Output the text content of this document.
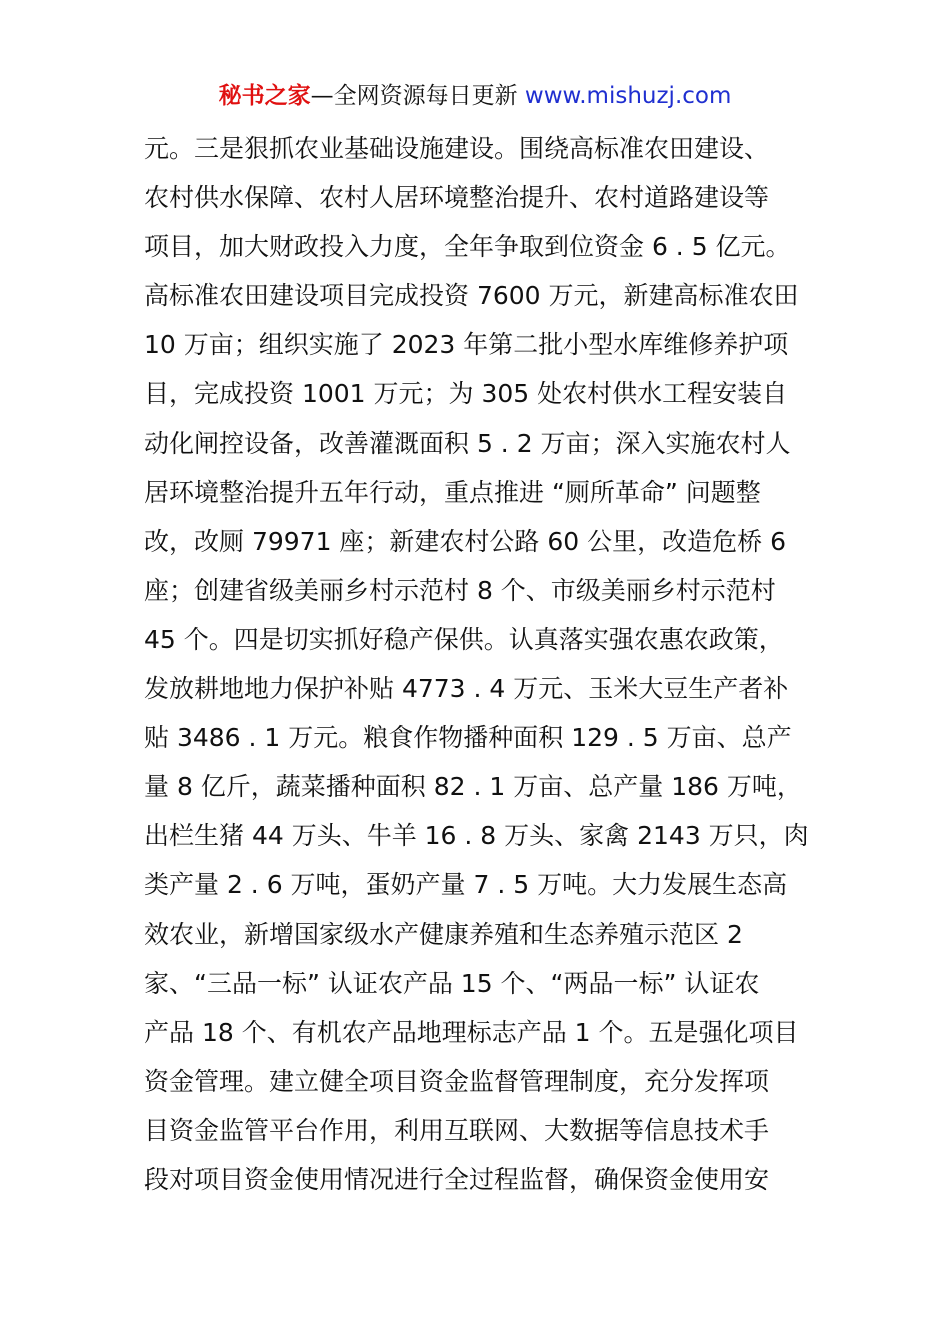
秘书之家—全网资源每日更新 www.mishuzj.com
元。三是狠抓农业基础设施建设。围绕高标准农田建设、
农村供水保障、农村人居环境整治提升、农村道路建设等
项目，加大财政投入力度，全年争取到位资金 6 . 5 亿元。
高标准农田建设项目完成投资 7600 万元，新建高标准农田
10 万亩；组织实施了 2023 年第二批小型水库维修养护项
目，完成投资 1001 万元；为 305 处农村供水工程安装自
动化闸控设备，改善灌溉面积 5 . 2 万亩；深入实施农村人
居环境整治提升五年行动，重点推进 “厕所革命” 问题整
改，改厕 79971 座；新建农村公路 60 公里，改造危桥 6
座；创建省级美丽乡村示范村 8 个、市级美丽乡村示范村
45 个。四是切实抓好稳产保供。认真落实强农惠农政策，
发放耕地地力保护补贴 4773 . 4 万元、玉米大豆生产者补
贴 3486 . 1 万元。粮食作物播种面积 129 . 5 万亩、总产
量 8 亿斤，蔬菜播种面积 82 . 1 万亩、总产量 186 万吨，
出栏生猪 44 万头、牛羊 16 . 8 万头、家禽 2143 万只，肉
类产量 2 . 6 万吨，蛋奶产量 7 . 5 万吨。大力发展生态高
效农业，新增国家级水产健康养殖和生态养殖示范区 2
家、“三品一标” 认证农产品 15 个、“两品一标” 认证农
产品 18 个、有机农产品地理标志产品 1 个。五是强化项目
资金管理。建立健全项目资金监督管理制度，充分发挥项
目资金监管平台作用，利用互联网、大数据等信息技术手
段对项目资金使用情况进行全过程监督，确保资金使用安
